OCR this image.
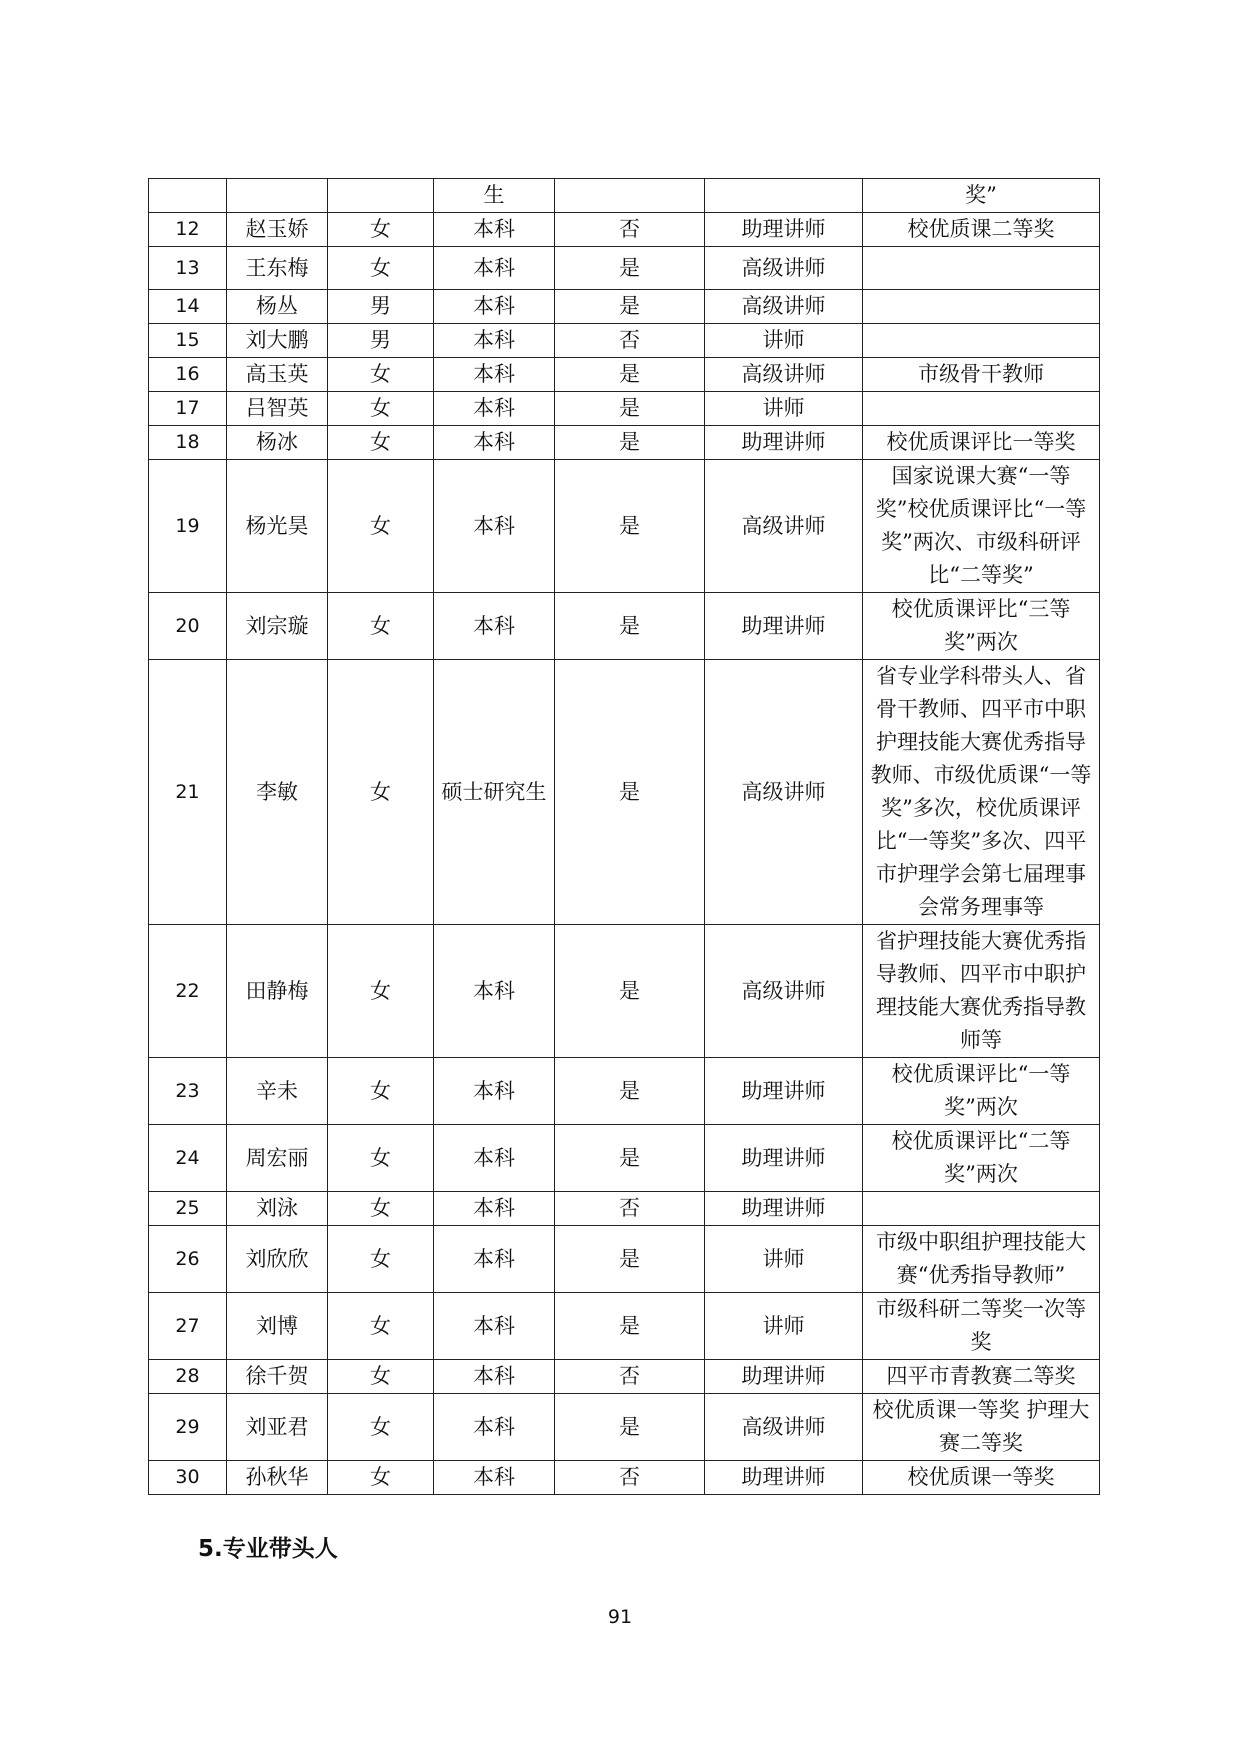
			生			奖”
12	赵玉娇	女	本科	否	助理讲师	校优质课二等奖
13	王东梅	女	本科	是	高级讲师	
14	杨丛	男	本科	是	高级讲师	
15	刘大鹏	男	本科	否	讲师	
16	高玉英	女	本科	是	高级讲师	市级骨干教师
17	吕智英	女	本科	是	讲师	
18	杨冰	女	本科	是	助理讲师	校优质课评比一等奖
19	杨光昊	女	本科	是	高级讲师	国家说课大赛“一等奖”校优质课评比“一等奖”两次、市级科研评比“二等奖”
20	刘宗璇	女	本科	是	助理讲师	校优质课评比“三等奖”两次
21	李敏	女	硕士研究生	是	高级讲师	省专业学科带头人、省骨干教师、四平市中职护理技能大赛优秀指导教师、市级优质课“一等奖”多次，校优质课评比“一等奖”多次、四平市护理学会第七届理事会常务理事等
22	田静梅	女	本科	是	高级讲师	省护理技能大赛优秀指导教师、四平市中职护理技能大赛优秀指导教师等
23	辛未	女	本科	是	助理讲师	校优质课评比“一等奖”两次
24	周宏丽	女	本科	是	助理讲师	校优质课评比“二等奖”两次
25	刘泳	女	本科	否	助理讲师	
26	刘欣欣	女	本科	是	讲师	市级中职组护理技能大赛“优秀指导教师”
27	刘博	女	本科	是	讲师	市级科研二等奖一次等奖
28	徐千贺	女	本科	否	助理讲师	四平市青教赛二等奖
29	刘亚君	女	本科	是	高级讲师	校优质课一等奖 护理大赛二等奖
30	孙秋华	女	本科	否	助理讲师	校优质课一等奖

5.专业带头人

91
